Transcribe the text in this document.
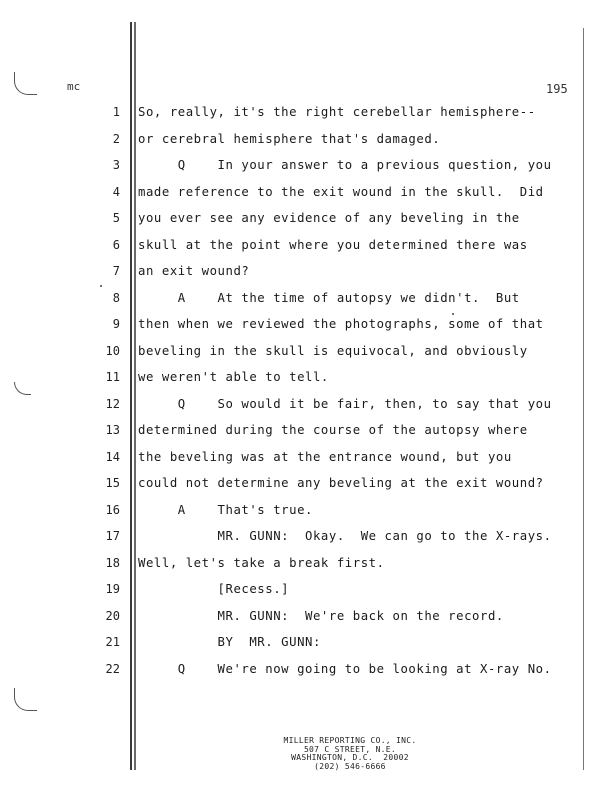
mc	195
1 So, really, it's the right cerebellar hemisphere--
2 or cerebral hemisphere that's damaged.
3 Q    In your answer to a previous question, you
4 made reference to the exit wound in the skull.  Did
5 you ever see any evidence of any beveling in the
6 skull at the point where you determined there was
7 an exit wound?
8 A    At the time of autopsy we didn't.  But
9 then when we reviewed the photographs, some of that
10 beveling in the skull is equivocal, and obviously
11 we weren't able to tell.
12 Q    So would it be fair, then, to say that you
13 determined during the course of the autopsy where
14 the beveling was at the entrance wound, but you
15 could not determine any beveling at the exit wound?
16 A    That's true.
17 MR. GUNN:  Okay.  We can go to the X-rays.
18 Well, let's take a break first.
19 [Recess.]
20 MR. GUNN:  We're back on the record.
21 BY  MR. GUNN:
22 Q    We're now going to be looking at X-ray No.
MILLER REPORTING CO., INC.
507 C STREET, N.E.
WASHINGTON, D.C.  20002
(202) 546-6666
